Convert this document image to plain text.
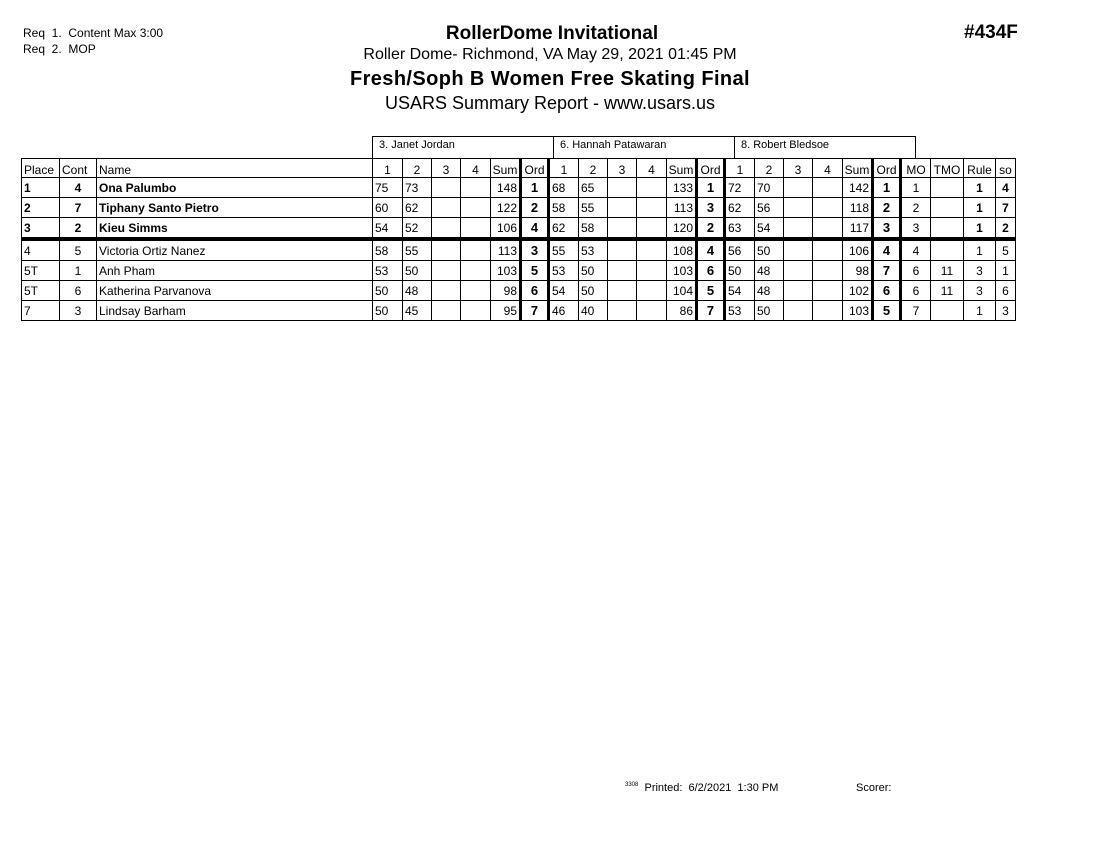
Req  1.  Content Max 3:00
Req  2.  MOP
#434F
RollerDome Invitational
Roller Dome- Richmond, VA May 29, 2021 01:45 PM
Fresh/Soph B Women Free Skating Final
USARS Summary Report - www.usars.us
3. Janet Jordan	6. Hannah Patawaran	8. Robert Bledsoe
Place	Cont	Name	1	2	3	4	Sum	Ord	1	2	3	4	Sum	Ord	1	2	3	4	Sum	Ord	MO	TMO	Rule	so
1	4	Ona Palumbo	75	73			148	1	68	65			133	1	72	70			142	1	1		1	4
2	7	Tiphany Santo Pietro	60	62			122	2	58	55			113	3	62	56			118	2	2		1	7
3	2	Kieu Simms	54	52			106	4	62	58			120	2	63	54			117	3	3		1	2
4	5	Victoria Ortiz Nanez	58	55			113	3	55	53			108	4	56	50			106	4	4		1	5
5T	1	Anh Pham	53	50			103	5	53	50			103	6	50	48			98	7	6	11	3	1
5T	6	Katherina Parvanova	50	48			98	6	54	50			104	5	54	48			102	6	6	11	3	6
7	3	Lindsay Barham	50	45			95	7	46	40			86	7	53	50			103	5	7		1	3
$^{3308}$ Printed:  6/2/2021  1:30 PM	Scorer:
